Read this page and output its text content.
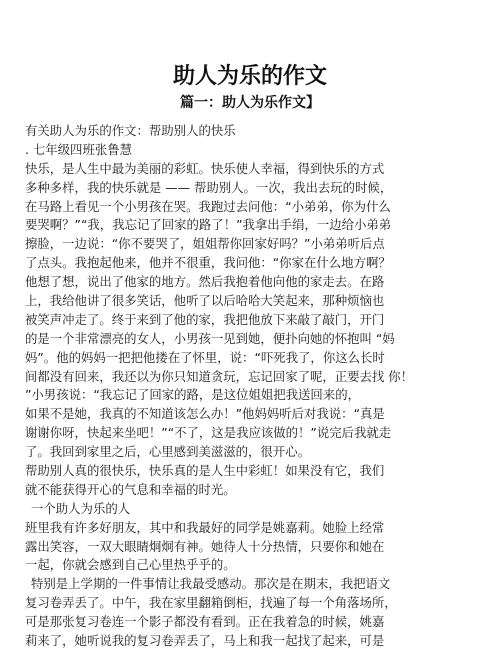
助人为乐的作文
篇一：助人为乐作文】
有关助人为乐的作文：帮助别人的快乐
. 七年级四班张鲁慧
快乐，是人生中最为美丽的彩虹。快乐使人幸福，得到快乐的方式
多种多样，我的快乐就是 —— 帮助别人。一次，我出去玩的时候，
在马路上看见一个小男孩在哭。我跑过去问他：“小弟弟，你为什么
要哭啊？”“我，我忘记了回家的路了！”我拿出手绢，一边给小弟弟
擦脸，一边说：“你不要哭了，姐姐帮你回家好吗？”小弟弟听后点
了点头。我抱起他来，他并不很重，我问他：“你家在什么地方啊？
他想了想，说出了他家的地方。然后我抱着他向他的家走去。在路
上，我给他讲了很多笑话，他听了以后哈哈大笑起来，那种烦恼也
被笑声冲走了。终于来到了他的家，我把他放下来敲了敲门，开门
的是一个非常漂亮的女人，小男孩一见到她，便扑向她的怀抱叫 “妈
妈”。他的妈妈一把把他搂在了怀里，说：“吓死我了，你这么长时
间都没有回来，我还以为你只知道贪玩，忘记回家了呢，正要去找 你！
”小男孩说：“我忘记了回家的路，是这位姐姐把我送回来的，
如果不是她，我真的不知道该怎么办！”他妈妈听后对我说：“真是
谢谢你呀，快起来坐吧！”“不了，这是我应该做的！”说完后我就走
了。我回到家里之后，心里感到美滋滋的，很开心。
帮助别人真的很快乐，快乐真的是人生中彩虹！如果没有它，我们
就不能获得开心的气息和幸福的时光。
一个助人为乐的人
班里我有许多好朋友，其中和我最好的同学是姚嘉莉。她脸上经常
露出笑容，一双大眼睛炯炯有神。她待人十分热情，只要你和她在
一起，你就会感到自己心里热乎乎的。
特别是上学期的一件事情让我最受感动。那次是在期末，我把语文
复习卷弄丢了。中午，我在家里翻箱倒柜，找遍了每一个角落场所，
可是那张复习卷连一个影子都没有看到。正在我着急的时候，姚嘉
莉来了，她听说我的复习卷弄丢了，马上和我一起找了起来，可是
